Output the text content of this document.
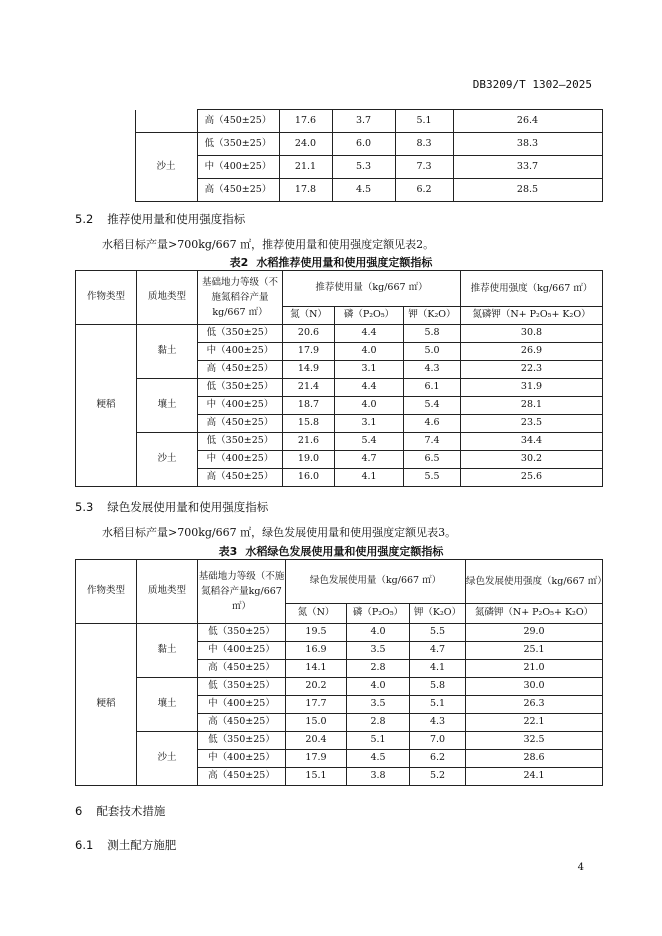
DB3209/T 1302—2025
		高（450±25）	17.6	3.7	5.1	26.4
	沙土	低（350±25）	24.0	6.0	8.3	38.3
		中（400±25）	21.1	5.3	7.3	33.7
		高（450±25）	17.8	4.5	6.2	28.5
5.2 推荐使用量和使用强度指标
水稻目标产量>700kg/667 ㎡，推荐使用量和使用强度定额见表2。
表2 水稻推荐使用量和使用强度定额指标
作物类型	质地类型	基础地力等级（不施氮稻谷产量kg/667 ㎡）	推荐使用量（kg/667 ㎡）			推荐使用强度（kg/667 ㎡）
			氮（N）	磷（P₂O₅）	钾（K₂O）	氮磷钾（N+ P₂O₅+ K₂O）
粳稻	黏土	低（350±25）	20.6	4.4	5.8	30.8
		中（400±25）	17.9	4.0	5.0	26.9
		高（450±25）	14.9	3.1	4.3	22.3
	壤土	低（350±25）	21.4	4.4	6.1	31.9
		中（400±25）	18.7	4.0	5.4	28.1
		高（450±25）	15.8	3.1	4.6	23.5
	沙土	低（350±25）	21.6	5.4	7.4	34.4
		中（400±25）	19.0	4.7	6.5	30.2
		高（450±25）	16.0	4.1	5.5	25.6
5.3 绿色发展使用量和使用强度指标
水稻目标产量>700kg/667 ㎡，绿色发展使用量和使用强度定额见表3。
表3 水稻绿色发展使用量和使用强度定额指标
作物类型	质地类型	基础地力等级（不施氮稻谷产量kg/667 ㎡）	绿色发展使用量（kg/667 ㎡）			绿色发展使用强度（kg/667 ㎡）
			氮（N）	磷（P₂O₅）	钾（K₂O）	氮磷钾（N+ P₂O₅+ K₂O）
粳稻	黏土	低（350±25）	19.5	4.0	5.5	29.0
		中（400±25）	16.9	3.5	4.7	25.1
		高（450±25）	14.1	2.8	4.1	21.0
	壤土	低（350±25）	20.2	4.0	5.8	30.0
		中（400±25）	17.7	3.5	5.1	26.3
		高（450±25）	15.0	2.8	4.3	22.1
	沙土	低（350±25）	20.4	5.1	7.0	32.5
		中（400±25）	17.9	4.5	6.2	28.6
		高（450±25）	15.1	3.8	5.2	24.1
6 配套技术措施
6.1 测土配方施肥
4
